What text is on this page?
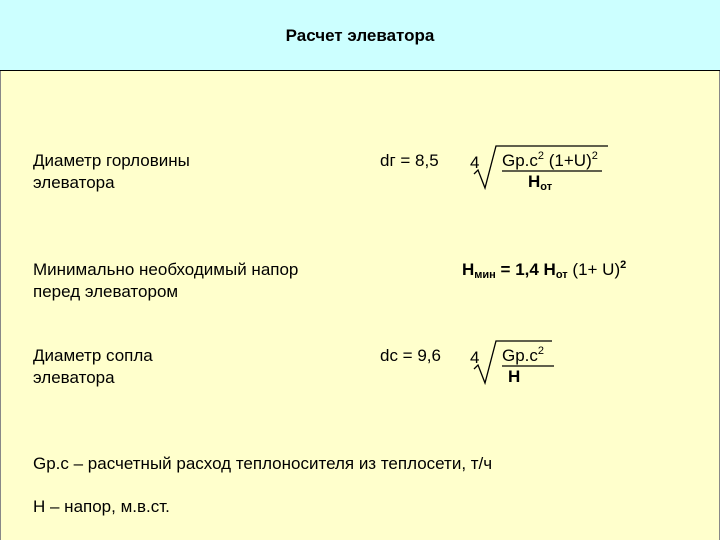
Расчет элеватора
Диаметр горловины
элеватора
dг = 8,5 4 $Gр.с^2$ $(1+U)^2$
$H_{от}$
Минимально необходимый напор
перед элеватором
$H_{мин} = 1,4$ $H_{от}$ $(1+ U)^2$
Диаметр сопла
элеватора
dс = 9,6 4 $Gр.с^2$
H
Gр.с – расчетный расход теплоносителя из теплосети, т/ч
H – напор, м.в.ст.
